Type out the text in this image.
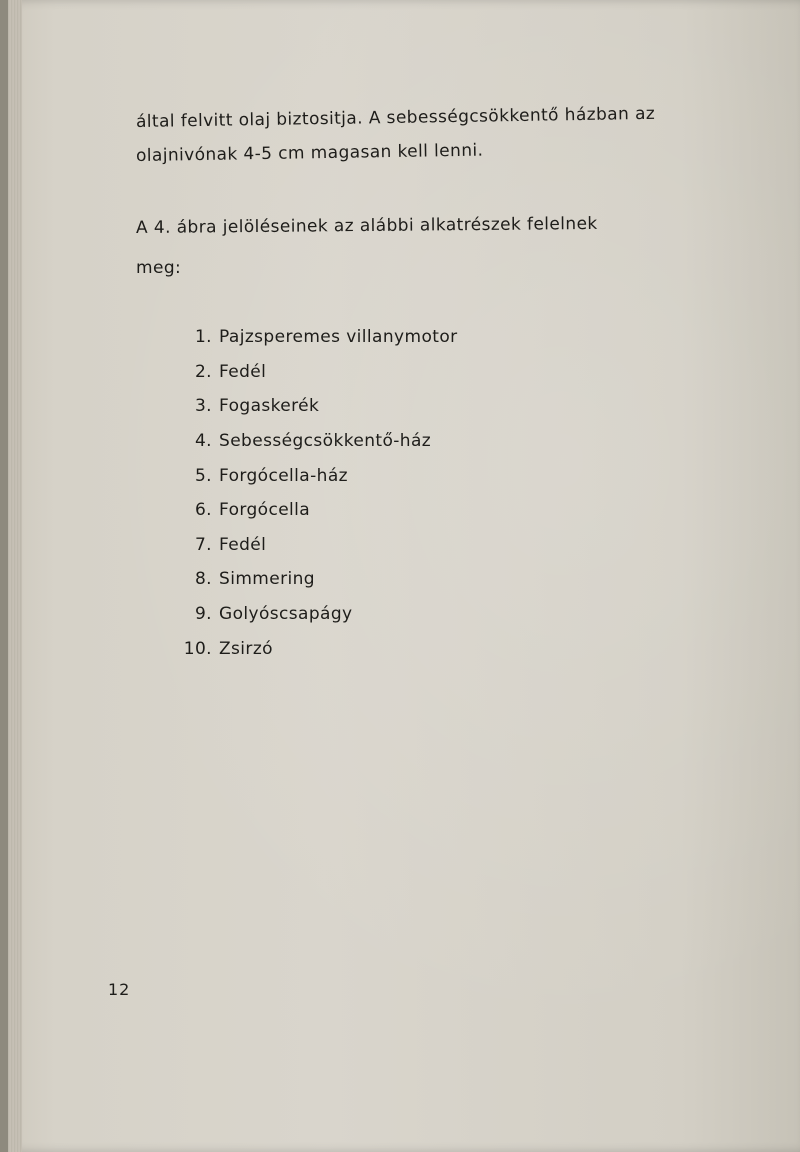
által felvitt olaj biztositja. A sebességcsökkentő házban az
olajnivónak 4-5 cm magasan kell lenni.
A 4. ábra jelöléseinek az alábbi alkatrészek felelnek
meg:
1. Pajzsperemes villanymotor
2. Fedél
3. Fogaskerék
4. Sebességcsökkentő-ház
5. Forgócella-ház
6. Forgócella
7. Fedél
8. Simmering
9. Golyóscsapágy
10. Zsirzó
12
